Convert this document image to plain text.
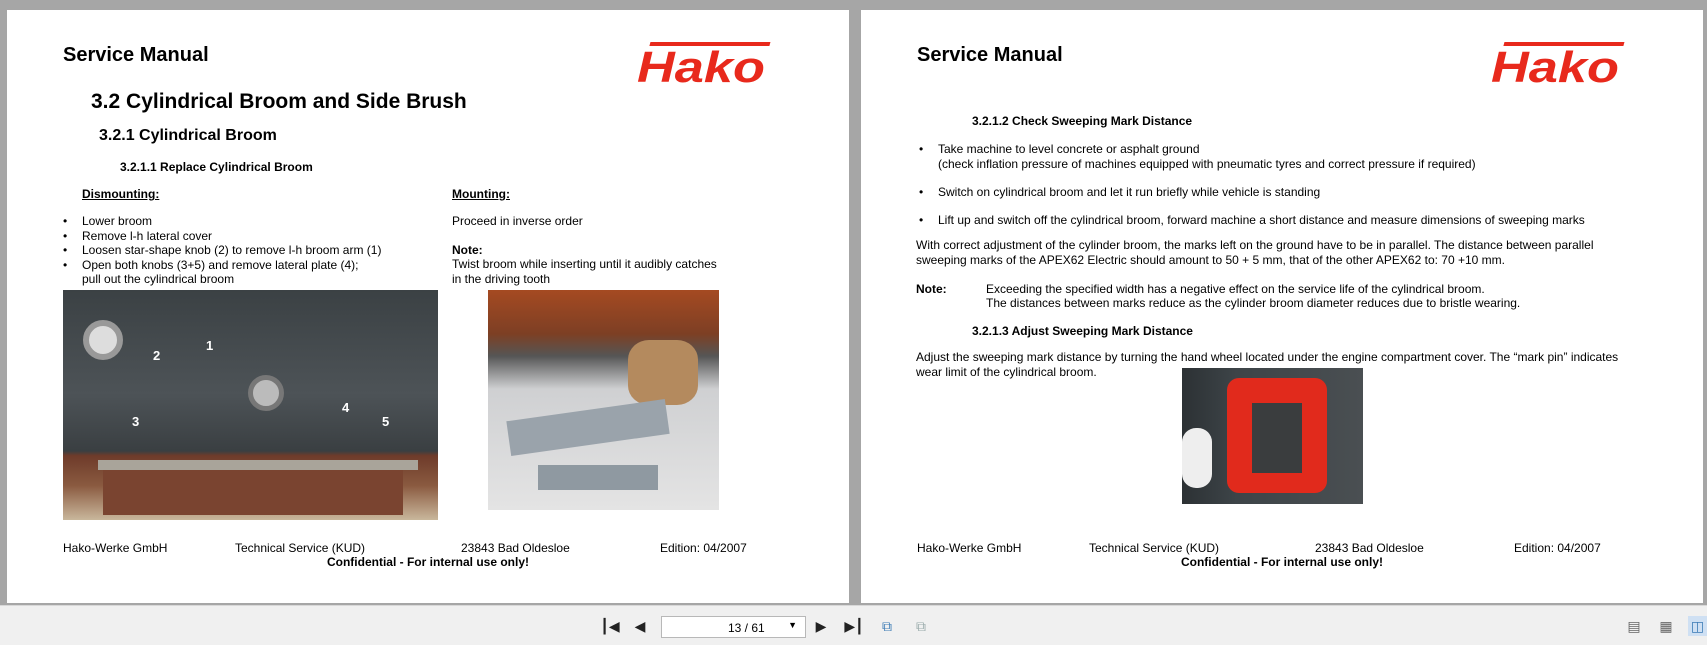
Service Manual	Hako
3.2 Cylindrical Broom and Side Brush
3.2.1 Cylindrical Broom
3.2.1.1 Replace Cylindrical Broom
Dismounting:
• Lower broom
• Remove l-h lateral cover
• Loosen star-shape knob (2) to remove l-h broom arm (1)
• Open both knobs (3+5) and remove lateral plate (4);
pull out the cylindrical broom
Mounting:
Proceed in inverse order
Note:
Twist broom while inserting until it audibly catches
in the driving tooth
1
2
3
4
5
Hako-Werke GmbH	Technical Service (KUD)	23843 Bad Oldesloe	Edition: 04/2007
Confidential - For internal use only!
Service Manual	Hako
3.2.1.2 Check Sweeping Mark Distance
• Take machine to level concrete or asphalt ground
(check inflation pressure of machines equipped with pneumatic tyres and correct pressure if required)
• Switch on cylindrical broom and let it run briefly while vehicle is standing
• Lift up and switch off the cylindrical broom, forward machine a short distance and measure dimensions of sweeping marks
With correct adjustment of the cylinder broom, the marks left on the ground have to be in parallel. The distance between parallel
sweeping marks of the APEX62 Electric should amount to 50 + 5 mm, that of the other APEX62 to: 70 +10 mm.
Note:	Exceeding the specified width has a negative effect on the service life of the cylindrical broom.
The distances between marks reduce as the cylinder broom diameter reduces due to bristle wearing.
3.2.1.3 Adjust Sweeping Mark Distance
Adjust the sweeping mark distance by turning the hand wheel located under the engine compartment cover. The “mark pin” indicates
wear limit of the cylindrical broom.
Hako-Werke GmbH	Technical Service (KUD)	23843 Bad Oldesloe	Edition: 04/2007
Confidential - For internal use only!
┃◀	◀	13 / 61	▼	▶	▶┃	⧉	⧉	▤ ▦ ◫
